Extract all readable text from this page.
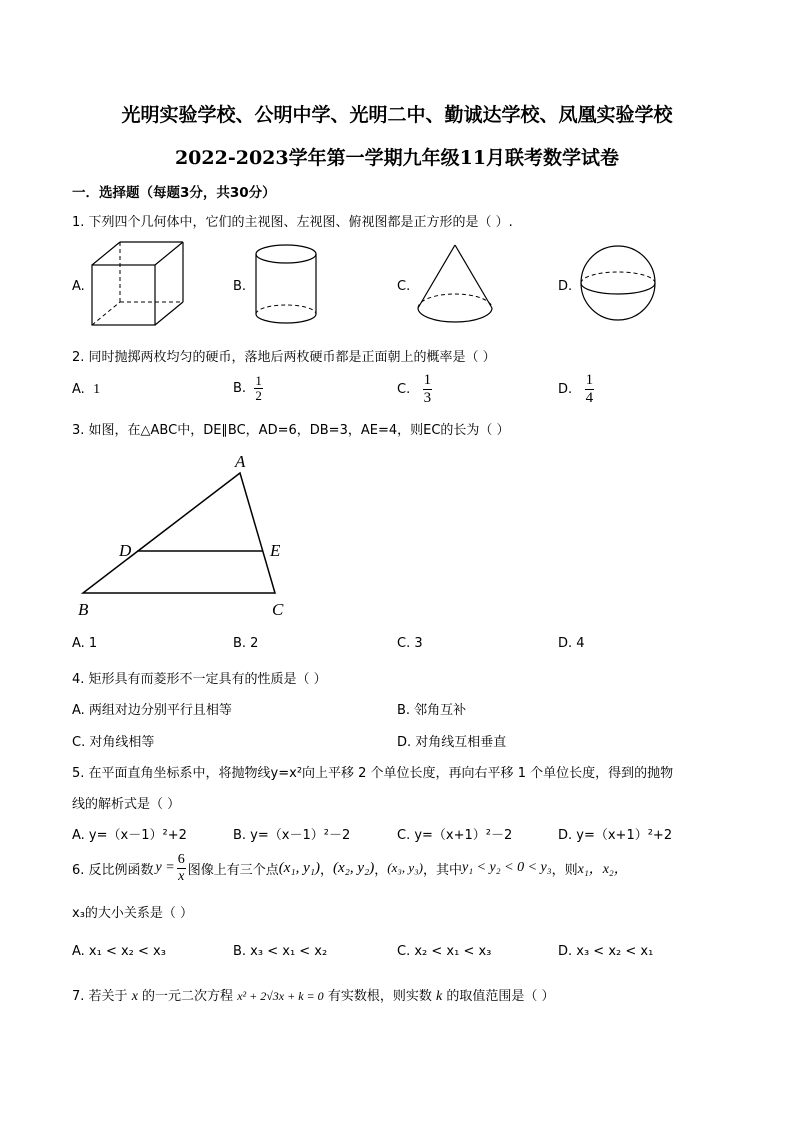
光明实验学校、公明中学、光明二中、勤诚达学校、凤凰实验学校
2022-2023学年第一学期九年级11月联考数学试卷
一．选择题（每题3分，共30分）
1. 下列四个几何体中，它们的主视图、左视图、俯视图都是正方形的是（ ）.
A.	B.	C.	D.
2. 同时抛掷两枚均匀的硬币，落地后两枚硬币都是正面朝上的概率是（ ）
A. 1	B. $\frac{1}{2}$	C. $\frac{1}{3}$	D. $\frac{1}{4}$
3. 如图，在△ABC中，DE∥BC，AD=6，DB=3，AE=4，则EC的长为（ ）
A
D	E
B	C
A. 1	B. 2	C. 3	D. 4
4. 矩形具有而菱形不一定具有的性质是（ ）
A. 两组对边分别平行且相等	B. 邻角互补
C. 对角线相等	D. 对角线互相垂直
5. 在平面直角坐标系中，将抛物线y=x²向上平移 2 个单位长度，再向右平移 1 个单位长度，得到的抛物
线的解析式是（ ）
A. y=（x－1）²+2	B. y=（x－1）²－2	C. y=（x+1）²－2	D. y=（x+1）²+2
6. 反比例函数 $y = \frac{6}{x}$ 图像上有三个点 (x₁, y₁) ， (x₂, y₂) ， (x₃, y₃) ，其中 y₁ < y₂ < 0 < y₃ ，则 x₁，x₂，
x₃的大小关系是（ ）
A. x₁ < x₂ < x₃	B. x₃ < x₁ < x₂	C. x₂ < x₁ < x₃	D. x₃ < x₂ < x₁
7. 若关于 x 的一元二次方程 x² + 2√3x + k = 0 有实数根，则实数 k 的取值范围是（ ）
